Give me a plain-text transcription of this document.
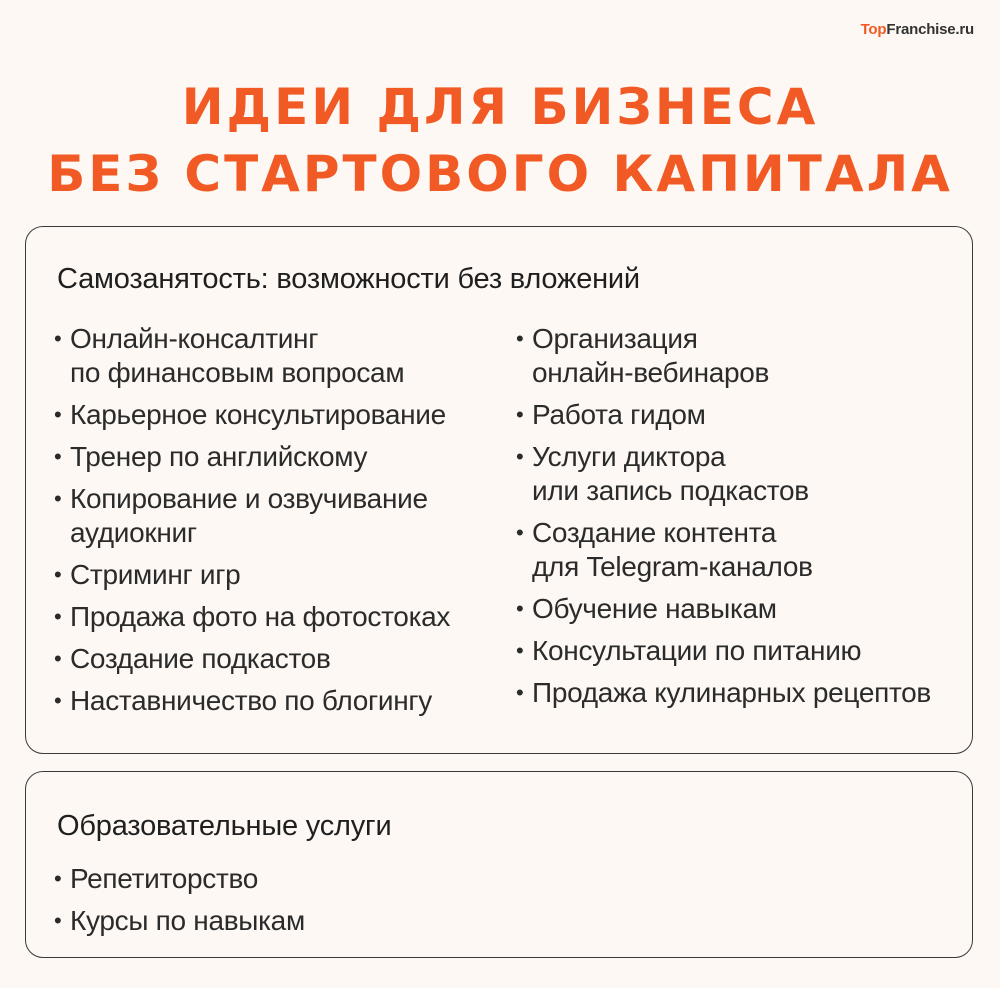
TopFranchise.ru
ИДЕИ ДЛЯ БИЗНЕСА
БЕЗ СТАРТОВОГО КАПИТАЛА
Самозанятость: возможности без вложений
• Онлайн-консалтинг
по финансовым вопросам
• Карьерное консультирование
• Тренер по английскому
• Копирование и озвучивание
аудиокниг
• Стриминг игр
• Продажа фото на фотостоках
• Создание подкастов
• Наставничество по блогингу
• Организация
онлайн-вебинаров
• Работа гидом
• Услуги диктора
или запись подкастов
• Создание контента
для Telegram-каналов
• Обучение навыкам
• Консультации по питанию
• Продажа кулинарных рецептов
Образовательные услуги
• Репетиторство
• Курсы по навыкам
